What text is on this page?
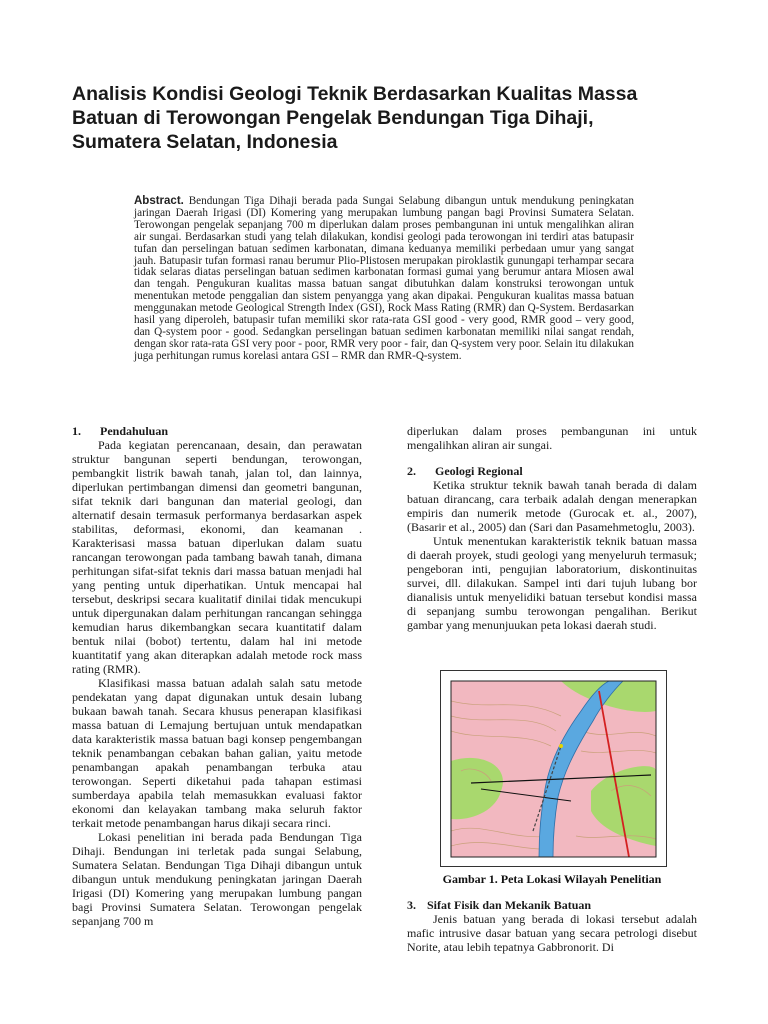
Analisis Kondisi Geologi Teknik Berdasarkan Kualitas Massa
Batuan di Terowongan Pengelak Bendungan Tiga Dihaji,
Sumatera Selatan, Indonesia
Abstract. Bendungan Tiga Dihaji berada pada Sungai Selabung dibangun untuk mendukung peningkatan jaringan Daerah Irigasi (DI) Komering yang merupakan lumbung pangan bagi Provinsi Sumatera Selatan. Terowongan pengelak sepanjang 700 m diperlukan dalam proses pembangunan ini untuk mengalihkan aliran air sungai. Berdasarkan studi yang telah dilakukan, kondisi geologi pada terowongan ini terdiri atas batupasir tufan dan perselingan batuan sedimen karbonatan, dimana keduanya memiliki perbedaan umur yang sangat jauh. Batupasir tufan formasi ranau berumur Plio-Plistosen merupakan piroklastik gunungapi terhampar secara tidak selaras diatas perselingan batuan sedimen karbonatan formasi gumai yang berumur antara Miosen awal dan tengah. Pengukuran kualitas massa batuan sangat dibutuhkan dalam konstruksi terowongan untuk menentukan metode penggalian dan sistem penyangga yang akan dipakai. Pengukuran kualitas massa batuan menggunakan metode Geological Strength Index (GSI), Rock Mass Rating (RMR) dan Q-System. Berdasarkan hasil yang diperoleh, batupasir tufan memiliki skor rata-rata GSI good - very good, RMR good – very good, dan Q-system poor - good. Sedangkan perselingan batuan sedimen karbonatan memiliki nilai sangat rendah, dengan skor rata-rata GSI very poor - poor, RMR very poor - fair, dan Q-system very poor. Selain itu dilakukan juga perhitungan rumus korelasi antara GSI – RMR dan RMR-Q-system.
1. Pendahuluan

Pada kegiatan perencanaan, desain, dan perawatan struktur bangunan seperti bendungan, terowongan, pembangkit listrik bawah tanah, jalan tol, dan lainnya, diperlukan pertimbangan dimensi dan geometri bangunan, sifat teknik dari bangunan dan material geologi, dan alternatif desain termasuk performanya berdasarkan aspek stabilitas, deformasi, ekonomi, dan keamanan . Karakterisasi massa batuan diperlukan dalam suatu rancangan terowongan pada tambang bawah tanah, dimana perhitungan sifat-sifat teknis dari massa batuan menjadi hal yang penting untuk diperhatikan. Untuk mencapai hal tersebut, deskripsi secara kualitatif dinilai tidak mencukupi untuk dipergunakan dalam perhitungan rancangan sehingga kemudian harus dikembangkan secara kuantitatif dalam bentuk nilai (bobot) tertentu, dalam hal ini metode kuantitatif yang akan diterapkan adalah metode rock mass rating (RMR).

Klasifikasi massa batuan adalah salah satu metode pendekatan yang dapat digunakan untuk desain lubang bukaan bawah tanah. Secara khusus penerapan klasifikasi massa batuan di Lemajung bertujuan untuk mendapatkan data karakteristik massa batuan bagi konsep pengembangan teknik penambangan cebakan bahan galian, yaitu metode penambangan apakah penambangan terbuka atau terowongan. Seperti diketahui pada tahapan estimasi sumberdaya apabila telah memasukkan evaluasi faktor ekonomi dan kelayakan tambang maka seluruh faktor terkait metode penambangan harus dikaji secara rinci.

Lokasi penelitian ini berada pada Bendungan Tiga Dihaji. Bendungan ini terletak pada sungai Selabung, Sumatera Selatan. Bendungan Tiga Dihaji dibangun untuk dibangun untuk mendukung peningkatan jaringan Daerah Irigasi (DI) Komering yang merupakan lumbung pangan bagi Provinsi Sumatera Selatan. Terowongan pengelak sepanjang 700 m

diperlukan dalam proses pembangunan ini untuk mengalihkan aliran air sungai.

2. Geologi Regional

Ketika struktur teknik bawah tanah berada di dalam batuan dirancang, cara terbaik adalah dengan menerapkan empiris dan numerik metode (Gurocak et. al., 2007), (Basarir et al., 2005) dan (Sari dan Pasamehmetoglu, 2003).

Untuk menentukan karakteristik teknik batuan massa di daerah proyek, studi geologi yang menyeluruh termasuk; pengeboran inti, pengujian laboratorium, diskontinuitas survei, dll. dilakukan. Sampel inti dari tujuh lubang bor dianalisis untuk menyelidiki batuan tersebut kondisi massa di sepanjang sumbu terowongan pengalihan. Berikut gambar yang menunjuukan peta lokasi daerah studi.

Gambar 1. Peta Lokasi Wilayah Penelitian
3. Sifat Fisik dan Mekanik Batuan

Jenis batuan yang berada di lokasi tersebut adalah mafic intrusive dasar batuan yang secara petrologi disebut Norite, atau lebih tepatnya Gabbronorit. Di
